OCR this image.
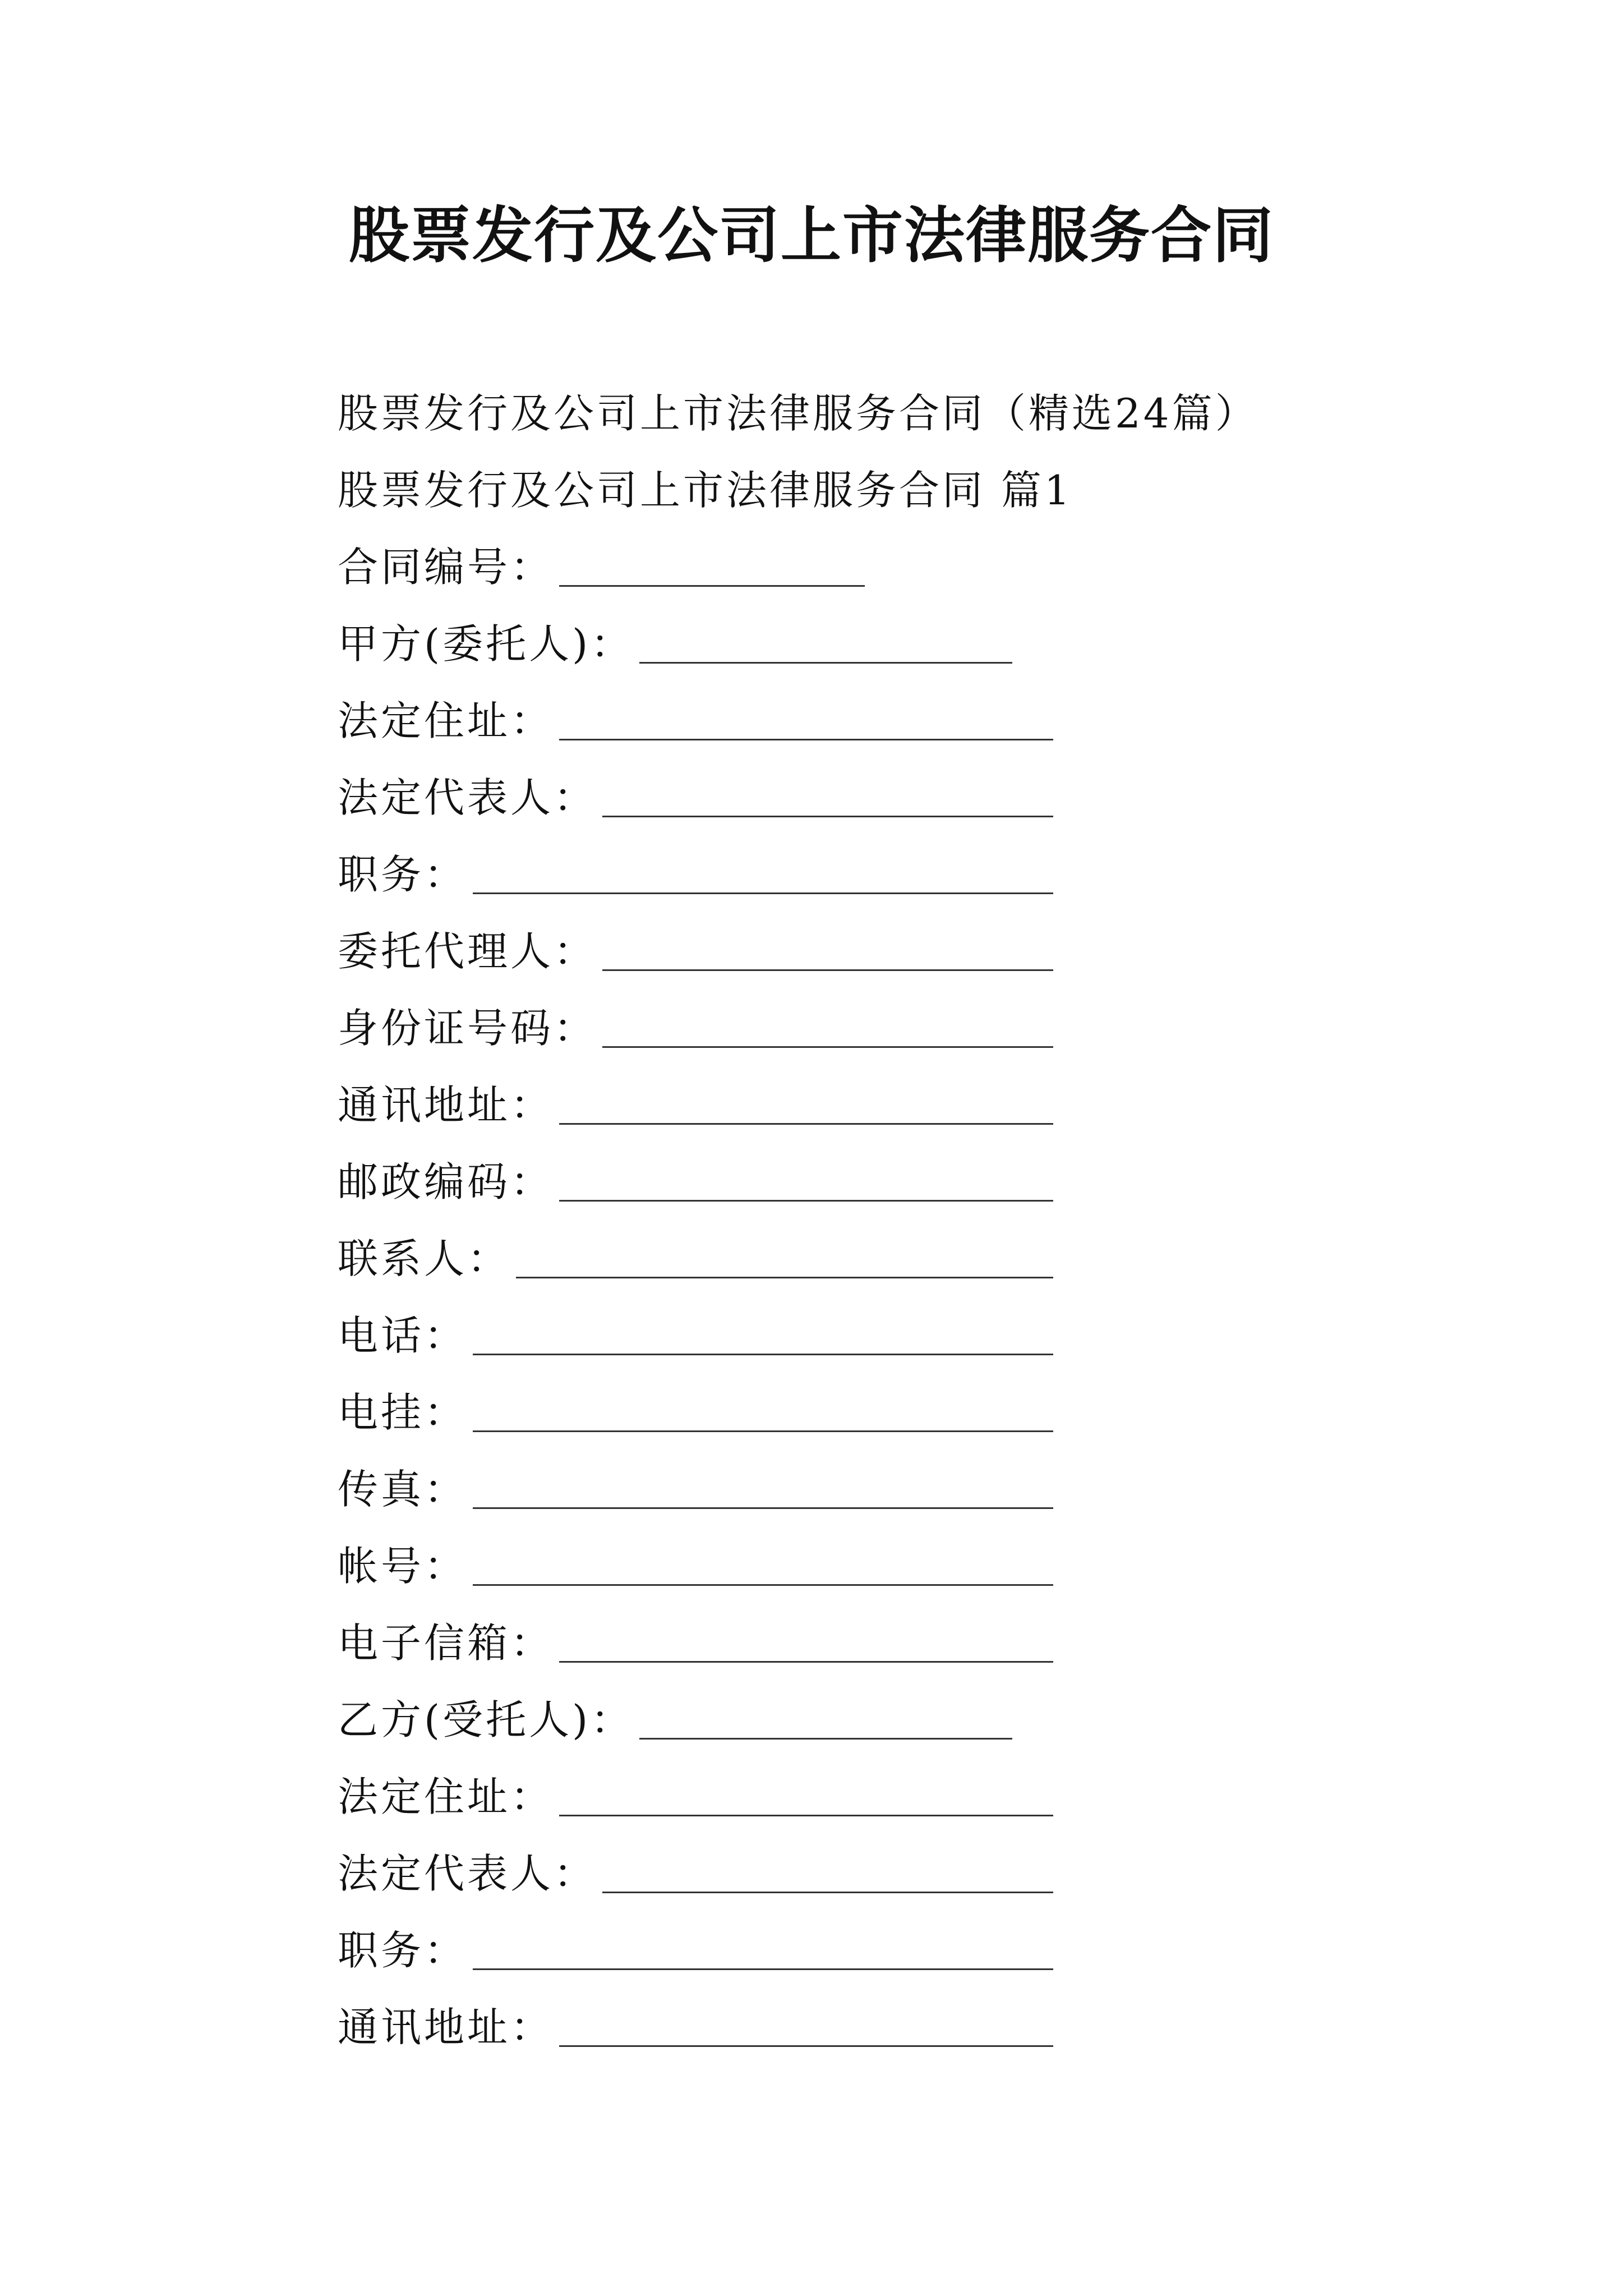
股票发行及公司上市法律服务合同
股票发行及公司上市法律服务合同（精选24篇）
股票发行及公司上市法律服务合同 篇1
合同编号：
甲方(委托人)：
法定住址：
法定代表人：
职务：
委托代理人：
身份证号码：
通讯地址：
邮政编码：
联系人：
电话：
电挂：
传真：
帐号：
电子信箱：
乙方(受托人)：
法定住址：
法定代表人：
职务：
通讯地址：
